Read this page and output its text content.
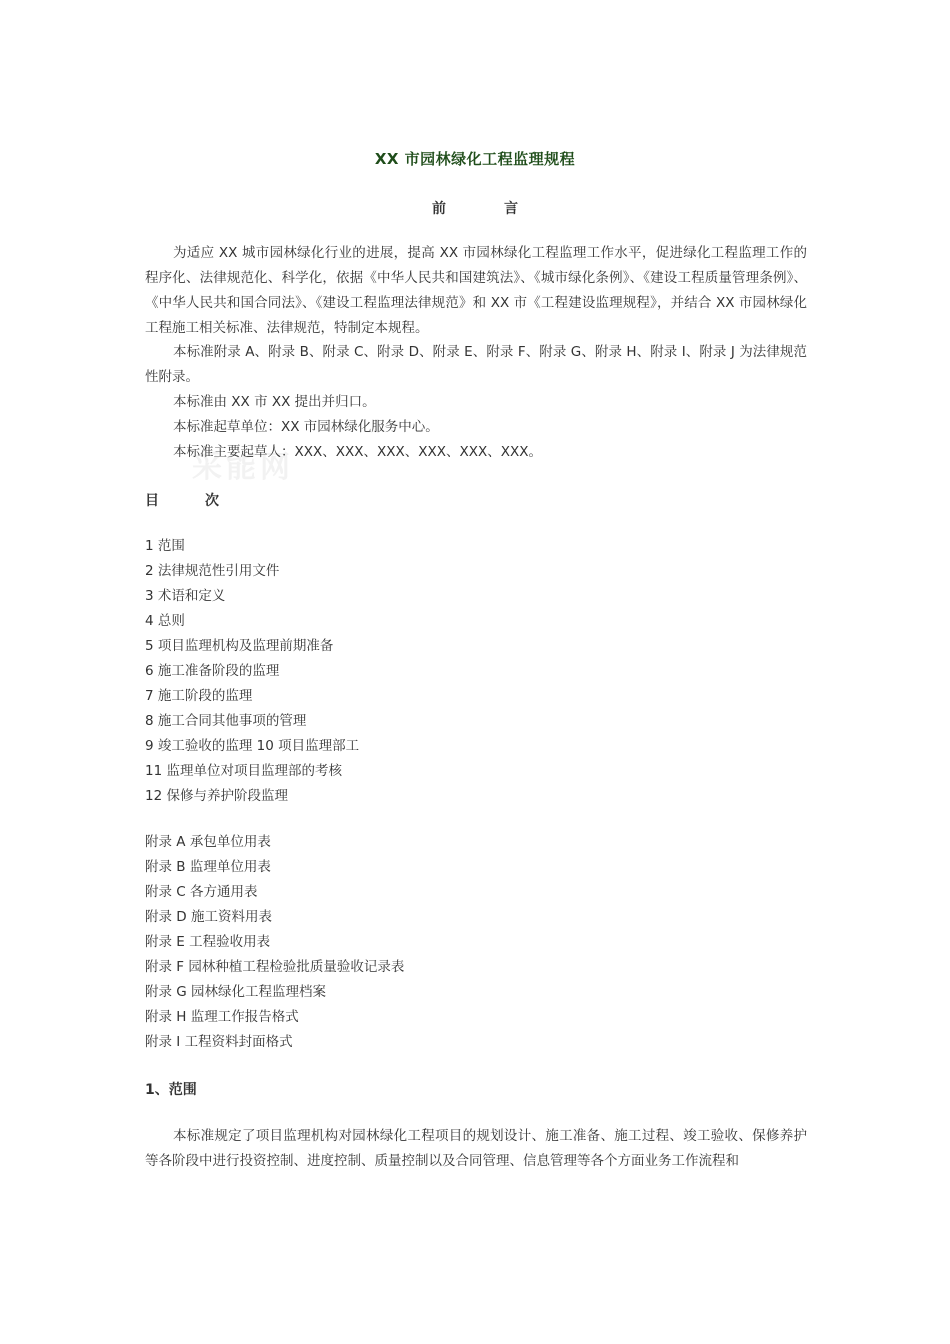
采能网
XX 市园林绿化工程监理规程
前	言

为适应 XX 城市园林绿化行业的进展，提高 XX 市园林绿化工程监理工作水平，促进绿化工程监理工作的程序化、法律规范化、科学化，依据《中华人民共和国建筑法》、《城市绿化条例》、《建设工程质量管理条例》、《中华人民共和国合同法》、《建设工程监理法律规范》和 XX 市《工程建设监理规程》，并结合 XX 市园林绿化工程施工相关标准、法律规范，特制定本规程。

本标准附录 A、附录 B、附录 C、附录 D、附录 E、附录 F、附录 G、附录 H、附录 I、附录 J 为法律规范性附录。

本标准由 XX 市 XX 提出并归口。

本标准起草单位：XX 市园林绿化服务中心。

本标准主要起草人：XXX、XXX、XXX、XXX、XXX、XXX。

目	次
1 范围
2 法律规范性引用文件
3 术语和定义
4 总则
5 项目监理机构及监理前期准备
6 施工准备阶段的监理
7 施工阶段的监理
8 施工合同其他事项的管理
9 竣工验收的监理 10 项目监理部工
11 监理单位对项目监理部的考核
12 保修与养护阶段监理
附录 A 承包单位用表
附录 B 监理单位用表
附录 C 各方通用表
附录 D 施工资料用表
附录 E 工程验收用表
附录 F 园林种植工程检验批质量验收记录表
附录 G 园林绿化工程监理档案
附录 H 监理工作报告格式
附录 I 工程资料封面格式
1、范围

本标准规定了项目监理机构对园林绿化工程项目的规划设计、施工准备、施工过程、竣工验收、保修养护等各阶段中进行投资控制、进度控制、质量控制以及合同管理、信息管理等各个方面业务工作流程和
